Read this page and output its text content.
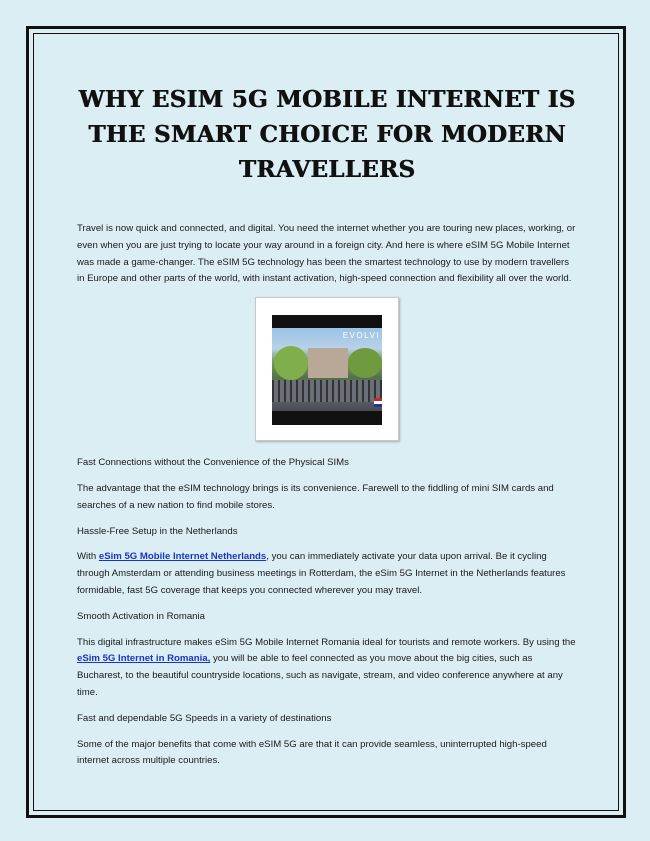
WHY ESIM 5G MOBILE INTERNET IS THE SMART CHOICE FOR MODERN TRAVELLERS

Travel is now quick and connected, and digital. You need the internet whether you are touring new places, working, or even when you are just trying to locate your way around in a foreign city. And here is where eSIM 5G Mobile Internet was made a game-changer. The eSIM 5G technology has been the smartest technology to use by modern travellers in Europe and other parts of the world, with instant activation, high-speed connection and flexibility all over the world.

EVOLVI

Fast Connections without the Convenience of the Physical SIMs

The advantage that the eSIM technology brings is its convenience. Farewell to the fiddling of mini SIM cards and searches of a new nation to find mobile stores.

Hassle-Free Setup in the Netherlands

With eSim 5G Mobile Internet Netherlands, you can immediately activate your data upon arrival. Be it cycling through Amsterdam or attending business meetings in Rotterdam, the eSim 5G Internet in the Netherlands features formidable, fast 5G coverage that keeps you connected wherever you may travel.

Smooth Activation in Romania

This digital infrastructure makes eSim 5G Mobile Internet Romania ideal for tourists and remote workers. By using the eSim 5G Internet in Romania, you will be able to feel connected as you move about the big cities, such as Bucharest, to the beautiful countryside locations, such as navigate, stream, and video conference anywhere at any time.

Fast and dependable 5G Speeds in a variety of destinations

Some of the major benefits that come with eSIM 5G are that it can provide seamless, uninterrupted high-speed internet across multiple countries.
